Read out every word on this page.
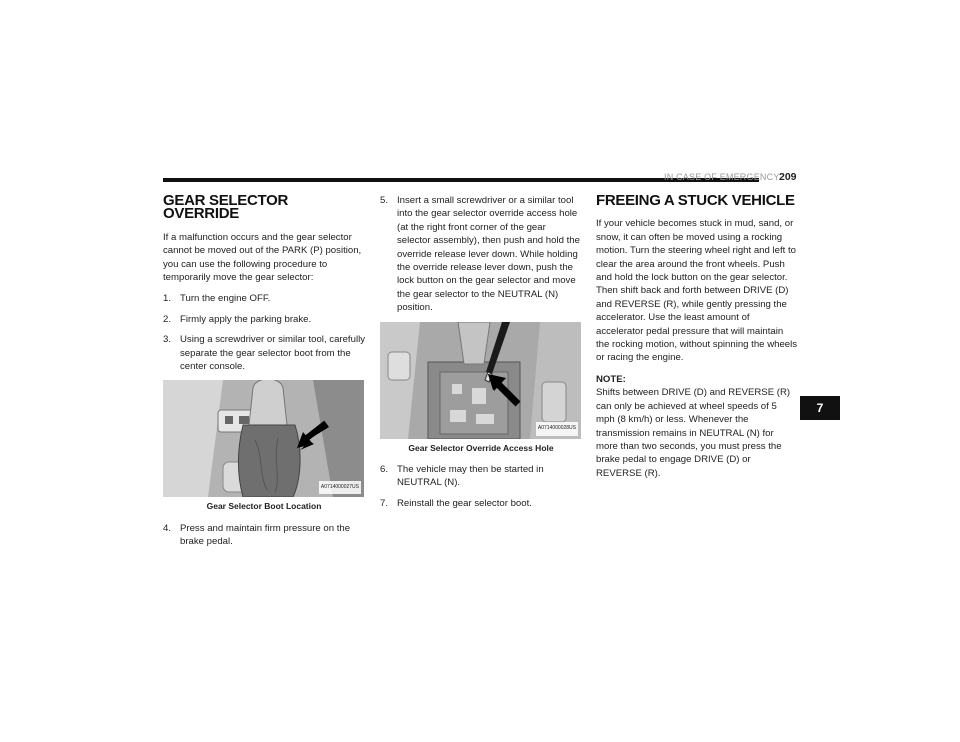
IN CASE OF EMERGENCY 209
7
GEAR SELECTOR OVERRIDE

If a malfunction occurs and the gear selector cannot be moved out of the PARK (P) position, you can use the following procedure to temporarily move the gear selector:

1. Turn the engine OFF.
2. Firmly apply the parking brake.
3. Using a screwdriver or similar tool, carefully separate the gear selector boot from the center console.
A0714000027US
Gear Selector Boot Location
4. Press and maintain firm pressure on the brake pedal.
5. Insert a small screwdriver or a similar tool into the gear selector override access hole (at the right front corner of the gear selector assembly), then push and hold the override release lever down. While holding the override release lever down, push the lock button on the gear selector and move the gear selector to the NEUTRAL (N) position.
A0714000028US
Gear Selector Override Access Hole
6. The vehicle may then be started in NEUTRAL (N).
7. Reinstall the gear selector boot.
FREEING A STUCK VEHICLE

If your vehicle becomes stuck in mud, sand, or snow, it can often be moved using a rocking motion. Turn the steering wheel right and left to clear the area around the front wheels. Push and hold the lock button on the gear selector. Then shift back and forth between DRIVE (D) and REVERSE (R), while gently pressing the accelerator. Use the least amount of accelerator pedal pressure that will maintain the rocking motion, without spinning the wheels or racing the engine.

NOTE:

Shifts between DRIVE (D) and REVERSE (R) can only be achieved at wheel speeds of 5 mph (8 km/h) or less. Whenever the transmission remains in NEUTRAL (N) for more than two seconds, you must press the brake pedal to engage DRIVE (D) or REVERSE (R).
